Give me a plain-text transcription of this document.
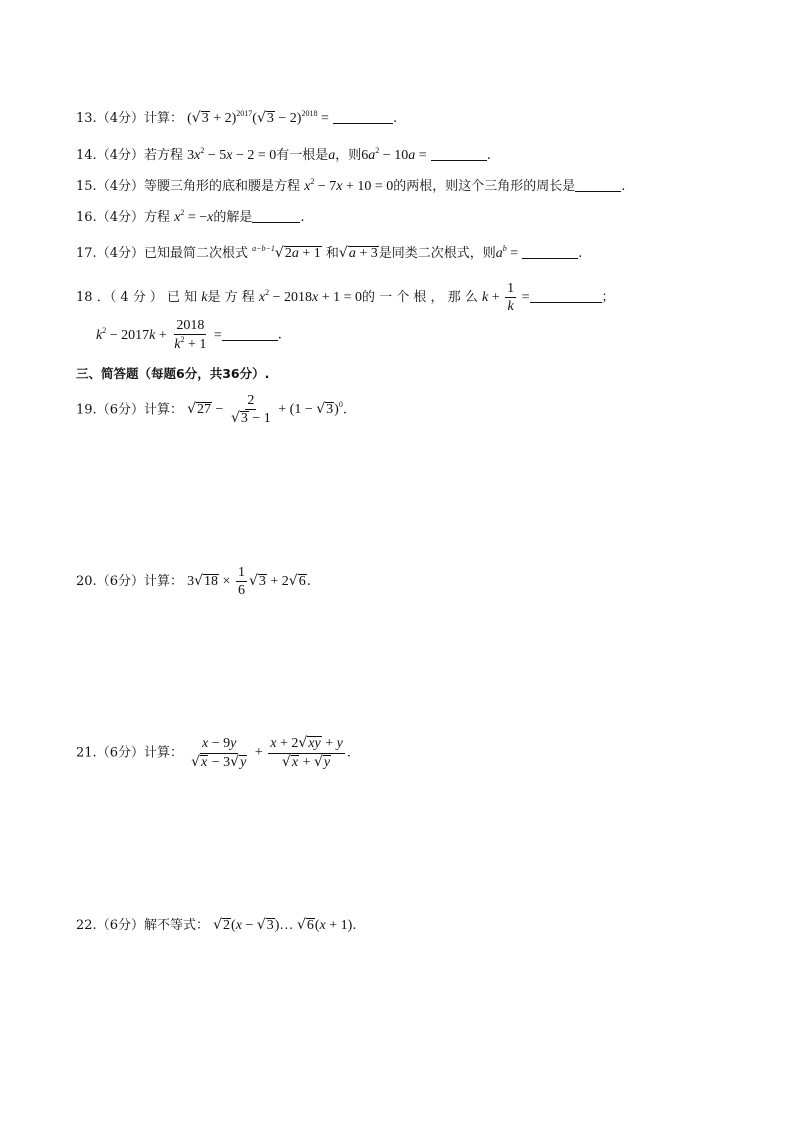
13.（4分）计算： $(√3 + 2)^{2017}(√3 - 2)^{2018}$ =	.
14.（4分）若方程 $3x^2 - 5x - 2 = 0$有一根是a，则$6a^2 - 10a$ =	.
15.（4分）等腰三角形的底和腰是方程 $x^2 - 7x + 10 = 0$的两根，则这个三角形的周长是	.
16.（4分）方程 $x^2 = -x$的解是	.
17.（4分）已知最简二次根式 $^{a-b-1}$√2a + 1 和√a + 3是同类二次根式，则$a^b$ =	.
18 ．（ 4 分 ） 已 知 k是 方 程 $x^2 - 2018x + 1 = 0$的 一 个 根 ， 那 么 $k + \frac{1}{k}$ =	；
$k^2 - 2017k + \frac{2018}{k^2 + 1}$ =	.
三、简答题（每题6分，共36分）.
19.（6分）计算： $√27 - \frac{2}{√3 - 1} + (1 - √3)^0$.
20.（6分）计算： $3√18 \times \frac{1}{6} √3 + 2√6$.
21.（6分）计算： $\frac{x - 9y}{√x - 3√y} + \frac{x + 2√xy + y}{√x + √y}$ .
22.（6分）解不等式： √2(x − √3)… √6(x + 1).
